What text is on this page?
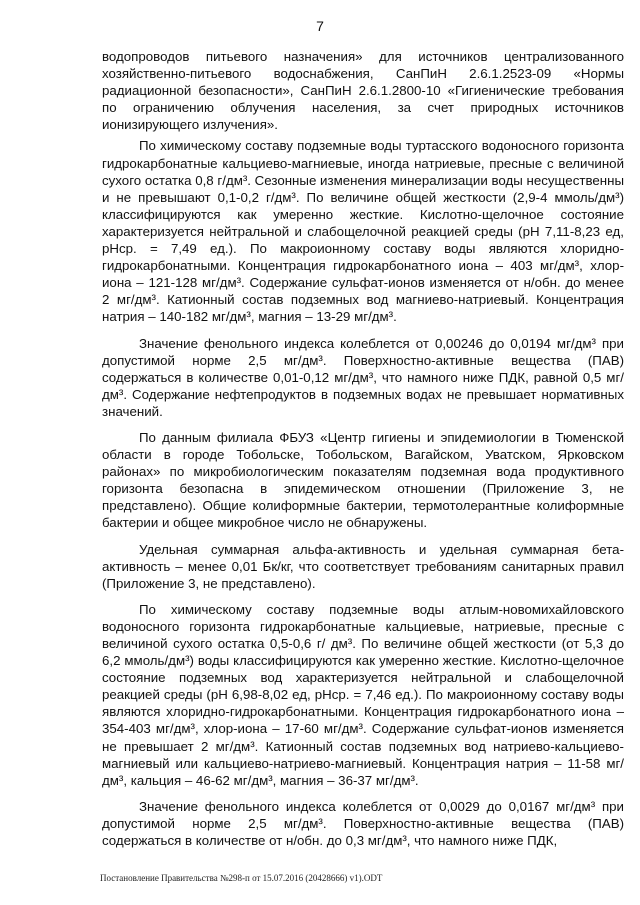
7

водопроводов питьевого назначения» для источников централизованного хозяйственно-питьевого водоснабжения, СанПиН 2.6.1.2523-09 «Нормы радиационной безопасности», СанПиН 2.6.1.2800-10 «Гигиенические требования по ограничению облучения населения, за счет природных источников ионизирующего излучения».

По химическому составу подземные воды туртасского водоносного горизонта гидрокарбонатные кальциево-магниевые, иногда натриевые, пресные с величиной сухого остатка 0,8 г/дм³. Сезонные изменения минерализации воды несущественны и не превышают 0,1-0,2 г/дм³. По величине общей жесткости (2,9-4 ммоль/дм³) классифицируются как умеренно жесткие. Кислотно-щелочное состояние характеризуется нейтральной и слабощелочной реакцией среды (pH 7,11-8,23 ед, pHср. = 7,49 ед.). По макроионному составу воды являются хлоридно-гидрокарбонатными. Концентрация гидрокарбонатного иона – 403 мг/дм³, хлор-иона – 121-128 мг/дм³. Содержание сульфат-ионов изменяется от н/обн. до менее 2 мг/дм³. Катионный состав подземных вод магниево-натриевый. Концентрация натрия – 140-182 мг/дм³, магния – 13-29 мг/дм³.

Значение фенольного индекса колеблется от 0,00246 до 0,0194 мг/дм³ при допустимой норме 2,5 мг/дм³. Поверхностно-активные вещества (ПАВ) содержаться в количестве 0,01-0,12 мг/дм³, что намного ниже ПДК, равной 0,5 мг/дм³. Содержание нефтепродуктов в подземных водах не превышает нормативных значений.

По данным филиала ФБУЗ «Центр гигиены и эпидемиологии в Тюменской области в городе Тобольске, Тобольском, Вагайском, Уватском, Ярковском районах» по микробиологическим показателям подземная вода продуктивного горизонта безопасна в эпидемическом отношении (Приложение 3, не представлено). Общие колиформные бактерии, термотолерантные колиформные бактерии и общее микробное число не обнаружены.

Удельная суммарная альфа-активность и удельная суммарная бета-активность – менее 0,01 Бк/кг, что соответствует требованиям санитарных правил (Приложение 3, не представлено).

По химическому составу подземные воды атлым-новомихайловского водоносного горизонта гидрокарбонатные кальциевые, натриевые, пресные с величиной сухого остатка 0,5-0,6 г/ дм³. По величине общей жесткости (от 5,3 до 6,2 ммоль/дм³) воды классифицируются как умеренно жесткие. Кислотно-щелочное состояние подземных вод характеризуется нейтральной и слабощелочной реакцией среды (pH 6,98-8,02 ед, pHср. = 7,46 ед.). По макроионному составу воды являются хлоридно-гидрокарбонатными. Концентрация гидрокарбонатного иона – 354-403 мг/дм³, хлор-иона – 17-60 мг/дм³. Содержание сульфат-ионов изменяется не превышает 2 мг/дм³. Катионный состав подземных вод натриево-кальциево-магниевый или кальциево-натриево-магниевый. Концентрация натрия – 11-58 мг/дм³, кальция – 46-62 мг/дм³, магния – 36-37 мг/дм³.

Значение фенольного индекса колеблется от 0,0029 до 0,0167 мг/дм³ при допустимой норме 2,5 мг/дм³. Поверхностно-активные вещества (ПАВ) содержаться в количестве от н/обн. до 0,3 мг/дм³, что намного ниже ПДК,

Постановление Правительства №298-п от 15.07.2016 (20428666) v1).ODT
